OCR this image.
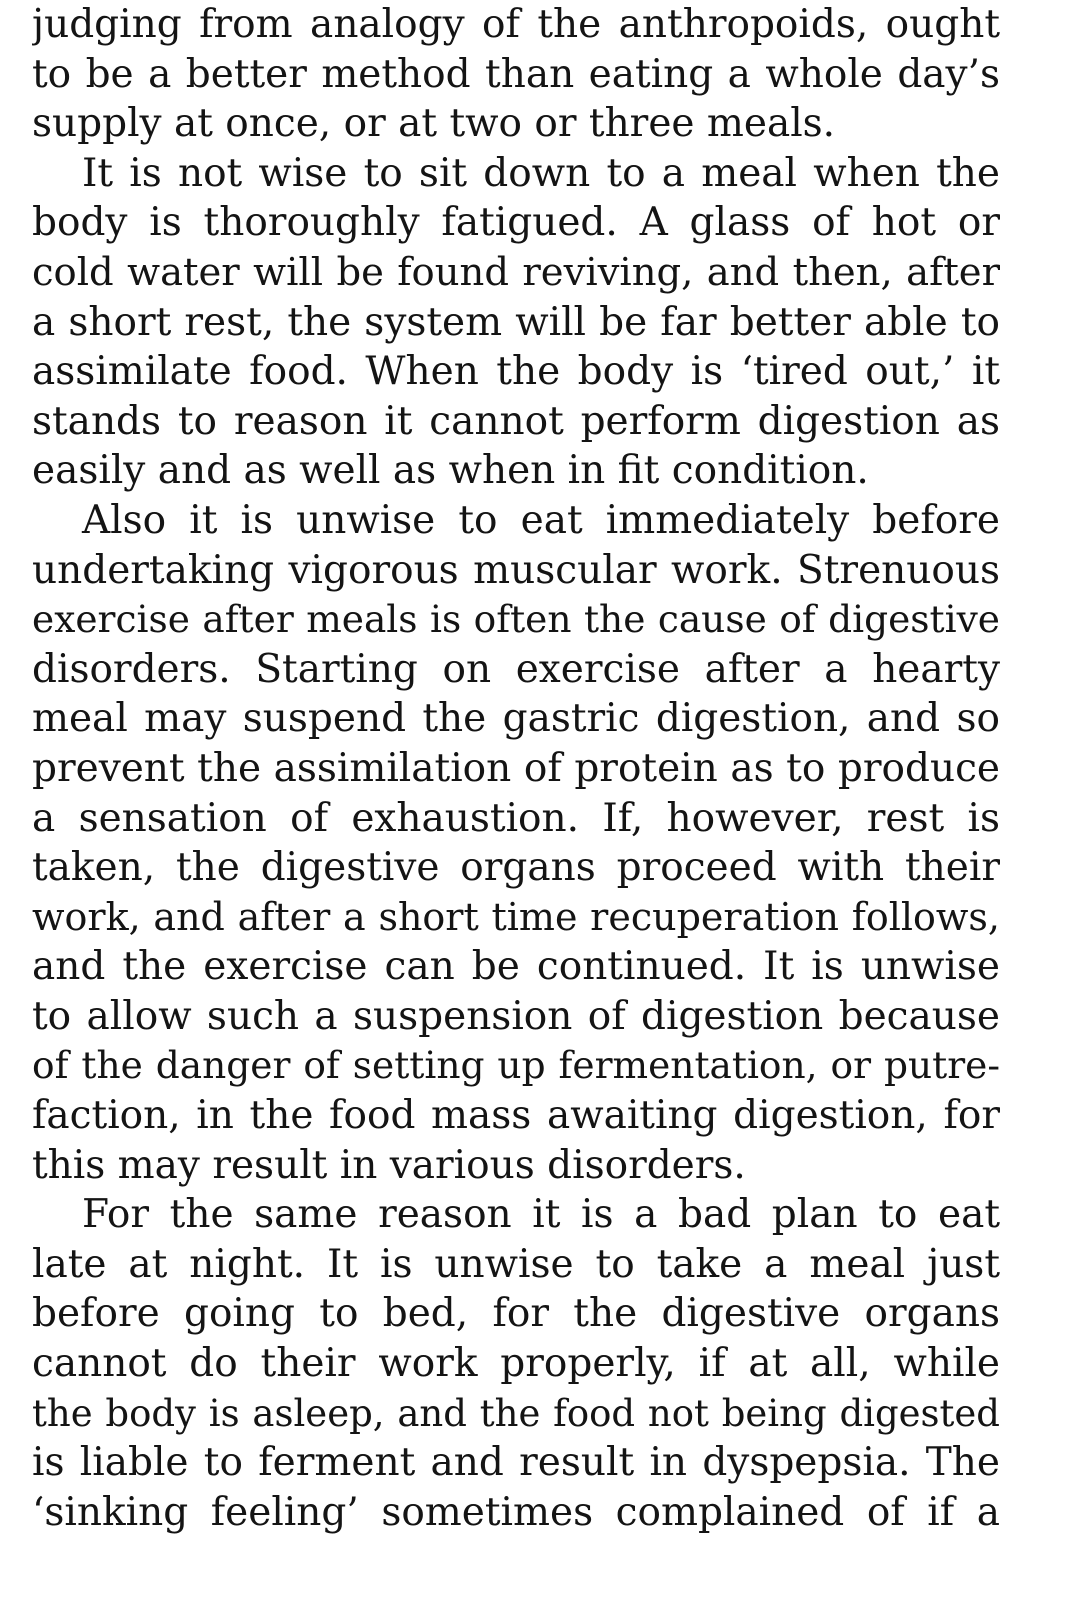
judging from analogy of the anthropoids, ought
to be a better method than eating a whole day’s
supply at once, or at two or three meals.
It is not wise to sit down to a meal when the
body is thoroughly fatigued. A glass of hot or
cold water will be found reviving, and then, after
a short rest, the system will be far better able to
assimilate food. When the body is ‘tired out,’ it
stands to reason it cannot perform digestion as
easily and as well as when in fit condition.
Also it is unwise to eat immediately before
undertaking vigorous muscular work. Strenuous
exercise after meals is often the cause of digestive
disorders. Starting on exercise after a hearty
meal may suspend the gastric digestion, and so
prevent the assimilation of protein as to produce
a sensation of exhaustion. If, however, rest is
taken, the digestive organs proceed with their
work, and after a short time recuperation follows,
and the exercise can be continued. It is unwise
to allow such a suspension of digestion because
of the danger of setting up fermentation, or putre-
faction, in the food mass awaiting digestion, for
this may result in various disorders.
For the same reason it is a bad plan to eat
late at night. It is unwise to take a meal just
before going to bed, for the digestive organs
cannot do their work properly, if at all, while
the body is asleep, and the food not being digested
is liable to ferment and result in dyspepsia. The
‘sinking feeling’ sometimes complained of if a
